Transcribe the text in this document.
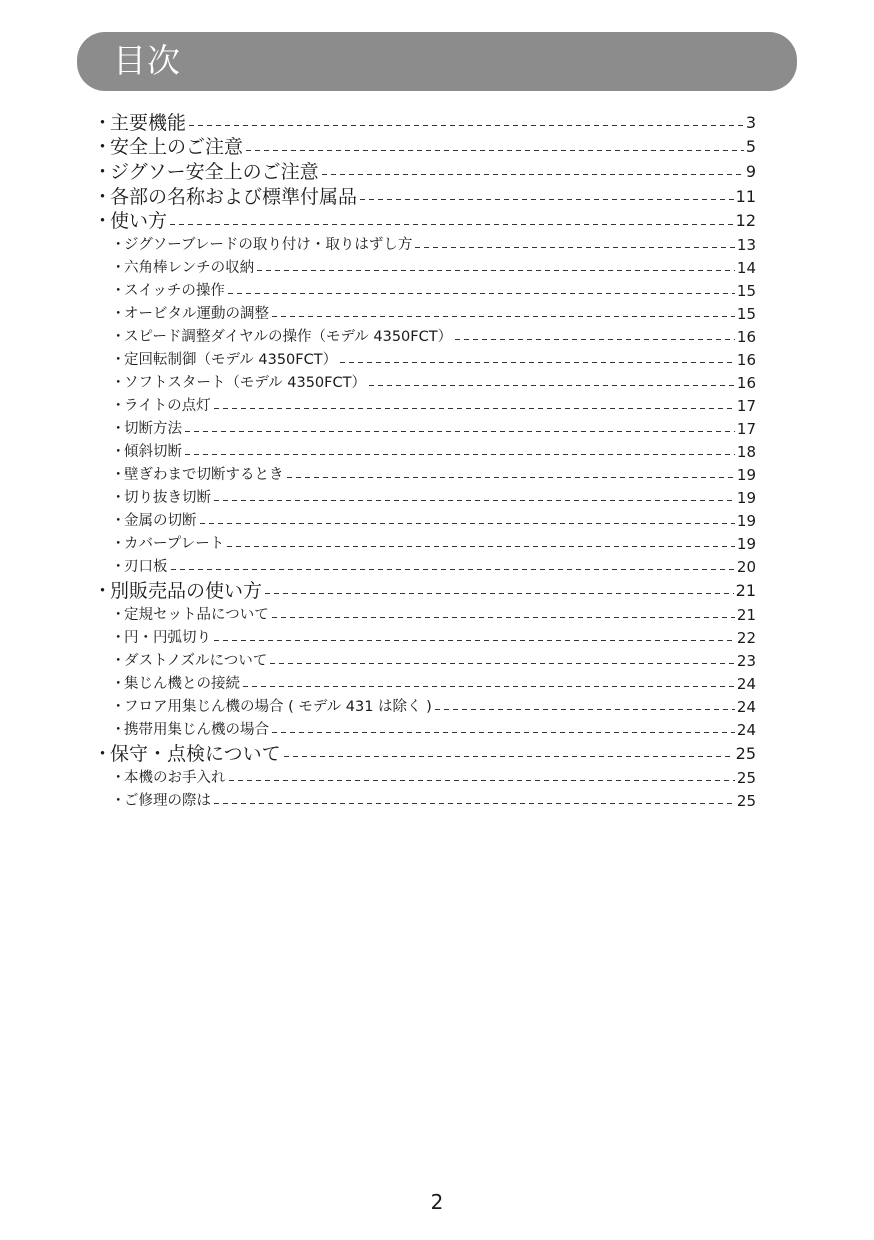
目次
・
主要機能	3
・
安全上のご注意	5
・
ジグソー安全上のご注意	9
・
各部の名称および標準付属品	11
・
使い方	12
・
ジグソーブレードの取り付け・取りはずし方	13
・
六角棒レンチの収納	14
・
スイッチの操作	15
・
オービタル運動の調整	15
・
スピード調整ダイヤルの操作（モデル 4350FCT）	16
・
定回転制御（モデル 4350FCT）	16
・
ソフトスタート（モデル 4350FCT）	16
・
ライトの点灯	17
・
切断方法	17
・
傾斜切断	18
・
壁ぎわまで切断するとき	19
・
切り抜き切断	19
・
金属の切断	19
・
カバープレート	19
・
刃口板	20
・
別販売品の使い方	21
・
定規セット品について	21
・
円・円弧切り	22
・
ダストノズルについて	23
・
集じん機との接続	24
・
フロア用集じん機の場合 ( モデル 431 は除く )	24
・
携帯用集じん機の場合	24
・
保守・点検について	25
・
本機のお手入れ	25
・
ご修理の際は	25
2
